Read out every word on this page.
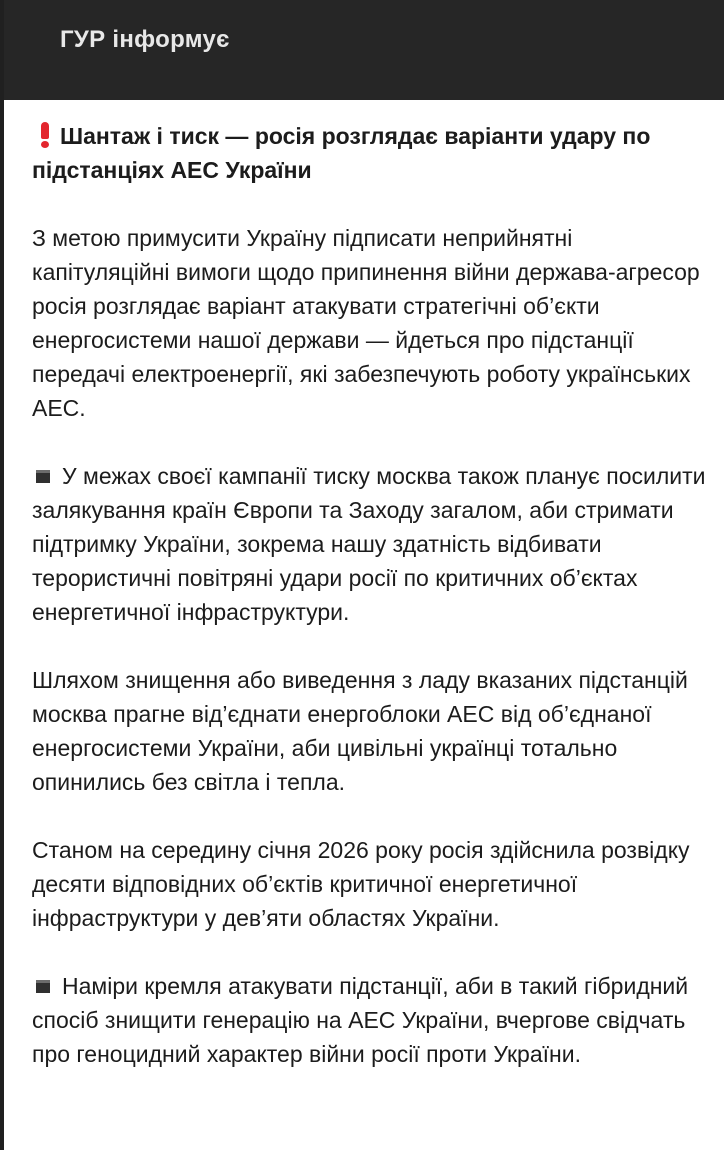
ГУР інформує

Шантаж і тиск — росія розглядає варіанти удару по підстанціях АЕС України

З метою примусити Україну підписати неприйнятні капітуляційні вимоги щодо припинення війни держава-агресор росія розглядає варіант атакувати стратегічні об’єкти енергосистеми нашої держави — йдеться про підстанції передачі електроенергії, які забезпечують роботу українських АЕС.

У межах своєї кампанії тиску москва також планує посилити залякування країн Європи та Заходу загалом, аби стримати підтримку України, зокрема нашу здатність відбивати терористичні повітряні удари росії по критичних об’єктах енергетичної інфраструктури.

Шляхом знищення або виведення з ладу вказаних підстанцій москва прагне від’єднати енергоблоки АЕС від об’єднаної енергосистеми України, аби цивільні українці тотально опинились без світла і тепла.

Станом на середину січня 2026 року росія здійснила розвідку десяти відповідних об’єктів критичної енергетичної інфраструктури у дев’яти областях України.

Наміри кремля атакувати підстанції, аби в такий гібридний спосіб знищити генерацію на АЕС України, вчергове свідчать про геноцидний характер війни росії проти України.
